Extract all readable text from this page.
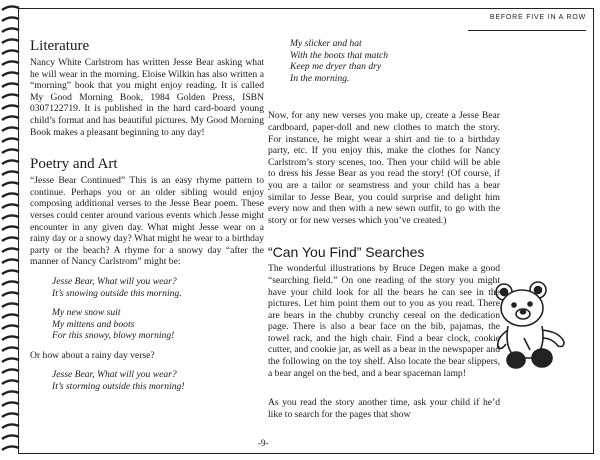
BEFORE FIVE IN A ROW
Literature

Nancy White Carlstrom has written Jesse Bear asking what he will wear in the morning. Eloise Wilkin has also written a “morning” book that you might enjoy reading. It is called My Good Morning Book, 1984 Golden Press, ISBN 0307122719. It is published in the hard card-board young child’s format and has beautiful pictures. My Good Morning Book makes a pleasant beginning to any day!

Poetry and Art

“Jesse Bear Continued” This is an easy rhyme pattern to continue. Perhaps you or an older sibling would enjoy composing additional verses to the Jesse Bear poem. These verses could center around various events which Jesse might encounter in any given day. What might Jesse wear on a rainy day or a snowy day? What might he wear to a birthday party or the beach? A rhyme for a snowy day “after the manner of Nancy Carlstrom” might be:

Jesse Bear, What will you wear?
It’s snowing outside this morning.
My new snow suit
My mittens and boots
For this snowy, blowy morning!

Or how about a rainy day verse?

Jesse Bear, What will you wear?
It’s storming outside this morning!
My slicker and hat
With the boots that match
Keep me dryer than dry
In the morning.

Now, for any new verses you make up, create a Jesse Bear cardboard, paper-doll and new clothes to match the story. For instance, he might wear a shirt and tie to a birthday party, etc. If you enjoy this, make the clothes for Nancy Carlstrom’s story scenes, too. Then your child will be able to dress his Jesse Bear as you read the story! (Of course, if you are a tailor or seamstress and your child has a bear similar to Jesse Bear, you could surprise and delight him every now and then with a new sewn outfit, to go with the story or for new verses which you’ve created.)

“Can You Find” Searches

The wonderful illustrations by Bruce Degen make a good “searching field.” On one reading of the story you might have your child look for all the bears he can see in the pictures. Let him point them out to you as you read. There are bears in the chubby crunchy cereal on the dedication page. There is also a bear face on the bib, pajamas, the towel rack, and the high chair. Find a bear clock, cookie cutter, and cookie jar, as well as a bear in the newspaper and the following on the toy shelf. Also locate the bear slippers, a bear angel on the bed, and a bear spaceman lamp!

As you read the story another time, ask your child if he’d like to search for the pages that show

-9-
